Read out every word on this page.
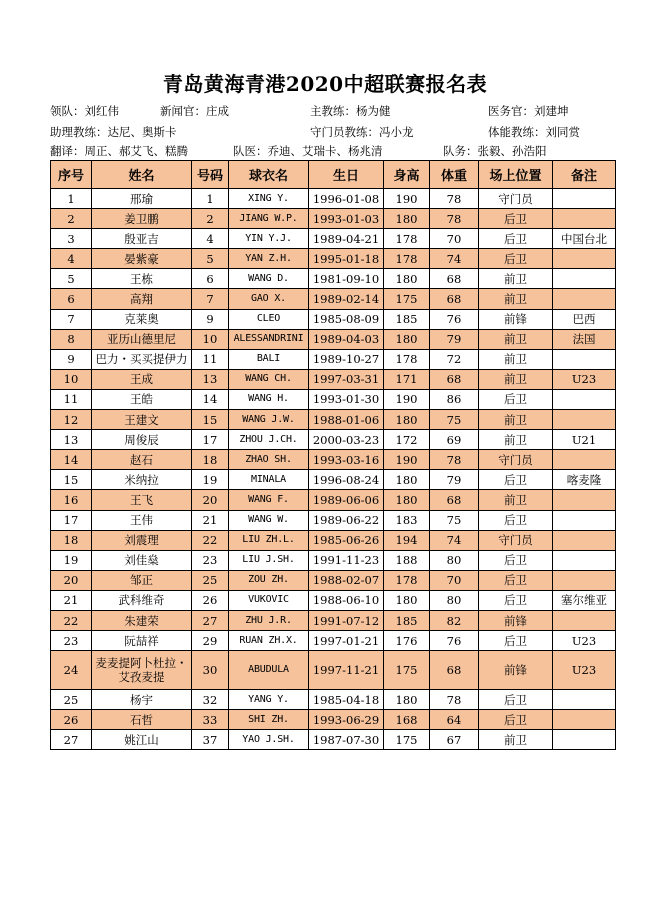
青岛黄海青港2020中超联赛报名表
领队：刘红伟	新闻官：庄成	主教练：杨为健	医务官：刘建坤
助理教练：达尼、奥斯卡	守门员教练：冯小龙	体能教练：刘同赏
翻译：周正、郝艾飞、糕腾	队医：乔迪、艾瑞卡、杨兆清	队务：张毅、孙浩阳
序号	姓名	号码	球衣名	生日	身高	体重	场上位置	备注
1	邢瑜	1	XING Y.	1996-01-08	190	78	守门员	
2	姜卫鹏	2	JIANG W.P.	1993-01-03	180	78	后卫	
3	殷亚吉	4	YIN Y.J.	1989-04-21	178	70	后卫	中国台北
4	晏紫豪	5	YAN Z.H.	1995-01-18	178	74	后卫	
5	王栋	6	WANG D.	1981-09-10	180	68	前卫	
6	高翔	7	GAO X.	1989-02-14	175	68	前卫	
7	克莱奥	9	CLEO	1985-08-09	185	76	前锋	巴西
8	亚历山德里尼	10	ALESSANDRINI	1989-04-03	180	79	前卫	法国
9	巴力・买买提伊力	11	BALI	1989-10-27	178	72	前卫	
10	王成	13	WANG CH.	1997-03-31	171	68	前卫	U23
11	王皓	14	WANG H.	1993-01-30	190	86	后卫	
12	王建文	15	WANG J.W.	1988-01-06	180	75	前卫	
13	周俊辰	17	ZHOU J.CH.	2000-03-23	172	69	前卫	U21
14	赵石	18	ZHAO SH.	1993-03-16	190	78	守门员	
15	米纳拉	19	MINALA	1996-08-24	180	79	后卫	喀麦隆
16	王飞	20	WANG F.	1989-06-06	180	68	前卫	
17	王伟	21	WANG W.	1989-06-22	183	75	后卫	
18	刘震理	22	LIU ZH.L.	1985-06-26	194	74	守门员	
19	刘佳燊	23	LIU J.SH.	1991-11-23	188	80	后卫	
20	邹正	25	ZOU ZH.	1988-02-07	178	70	后卫	
21	武科维奇	26	VUKOVIC	1988-06-10	180	80	后卫	塞尔维亚
22	朱建荣	27	ZHU J.R.	1991-07-12	185	82	前锋	
23	阮喆祥	29	RUAN ZH.X.	1997-01-21	176	76	后卫	U23
24	麦麦提阿卜杜拉・艾孜麦提	30	ABUDULA	1997-11-21	175	68	前锋	U23
25	杨宇	32	YANG Y.	1985-04-18	180	78	后卫	
26	石哲	33	SHI ZH.	1993-06-29	168	64	后卫	
27	姚江山	37	YAO J.SH.	1987-07-30	175	67	前卫	
